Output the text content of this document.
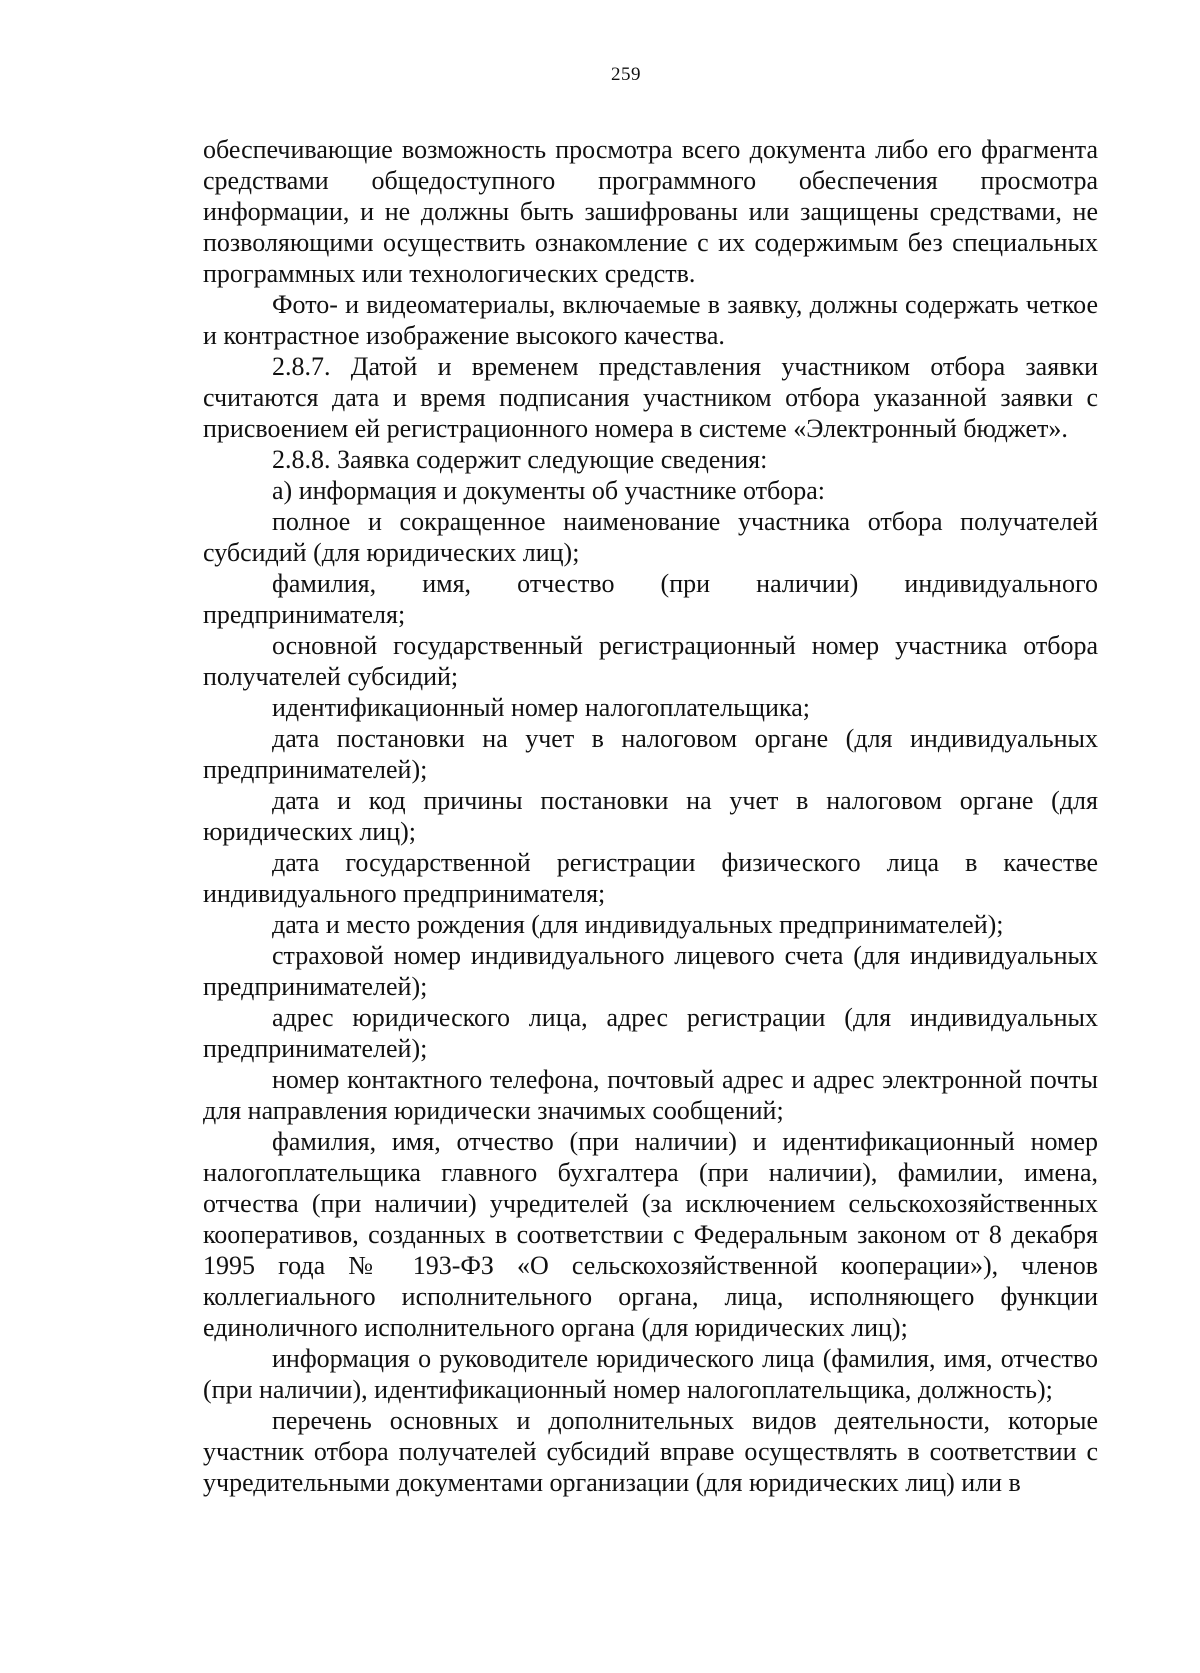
259

обеспечивающие возможность просмотра всего документа либо его фрагмента средствами общедоступного программного обеспечения просмотра информации, и не должны быть зашифрованы или защищены средствами, не позволяющими осуществить ознакомление с их содержимым без специальных программных или технологических средств.

Фото- и видеоматериалы, включаемые в заявку, должны содержать четкое и контрастное изображение высокого качества.

2.8.7. Датой и временем представления участником отбора заявки считаются дата и время подписания участником отбора указанной заявки с присвоением ей регистрационного номера в системе «Электронный бюджет».

2.8.8. Заявка содержит следующие сведения:

а) информация и документы об участнике отбора:

полное и сокращенное наименование участника отбора получателей субсидий (для юридических лиц);

фамилия, имя, отчество (при наличии) индивидуального предпринимателя;

основной государственный регистрационный номер участника отбора получателей субсидий;

идентификационный номер налогоплательщика;

дата постановки на учет в налоговом органе (для индивидуальных предпринимателей);

дата и код причины постановки на учет в налоговом органе (для юридических лиц);

дата государственной регистрации физического лица в качестве индивидуального предпринимателя;

дата и место рождения (для индивидуальных предпринимателей);

страховой номер индивидуального лицевого счета (для индивидуальных предпринимателей);

адрес юридического лица, адрес регистрации (для индивидуальных предпринимателей);

номер контактного телефона, почтовый адрес и адрес электронной почты для направления юридически значимых сообщений;

фамилия, имя, отчество (при наличии) и идентификационный номер налогоплательщика главного бухгалтера (при наличии), фамилии, имена, отчества (при наличии) учредителей (за исключением сельскохозяйственных кооперативов, созданных в соответствии с Федеральным законом от 8 декабря 1995 года № 193-ФЗ «О сельскохозяйственной кооперации»), членов коллегиального исполнительного органа, лица, исполняющего функции единоличного исполнительного органа (для юридических лиц);

информация о руководителе юридического лица (фамилия, имя, отчество (при наличии), идентификационный номер налогоплательщика, должность);

перечень основных и дополнительных видов деятельности, которые участник отбора получателей субсидий вправе осуществлять в соответствии с учредительными документами организации (для юридических лиц) или в
